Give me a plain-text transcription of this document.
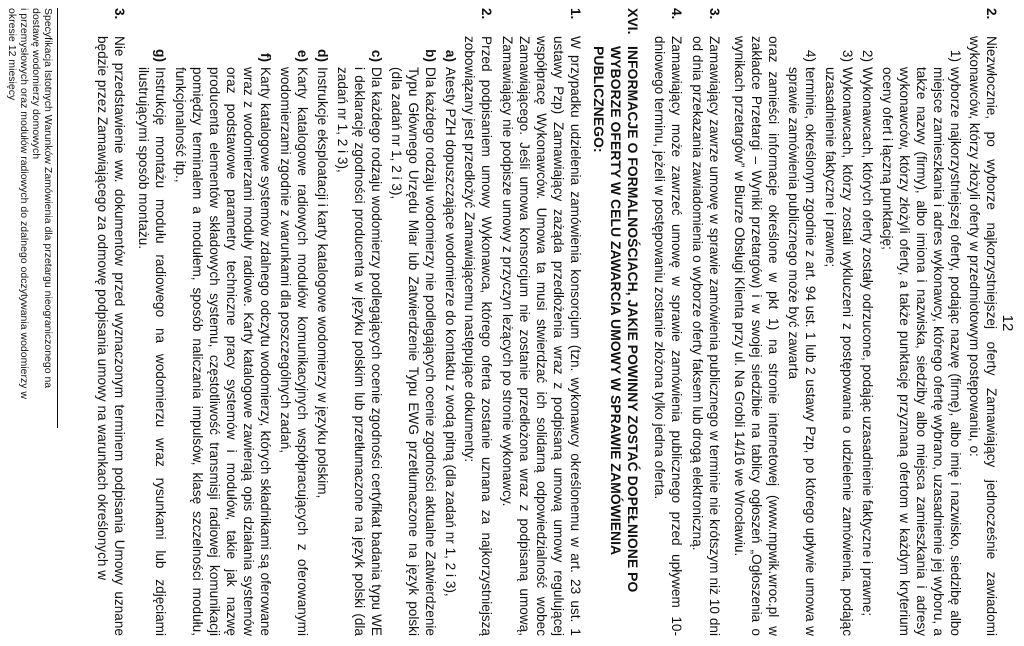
12
2.
Niezwłocznie, po wyborze najkorzystniejszej oferty Zamawiający jednocześnie zawiadomi wykonawców, którzy złożyli oferty w przedmiotowym postępowaniu, o:
1)
wyborze najkorzystniejszej oferty, podając nazwę (firmę), albo imię i nazwisko, siedzibę albo miejsce zamieszkania i adres wykonawcy, którego ofertę wybrano, uzasadnienie jej wyboru, a także nazwy (firmy), albo imiona i nazwiska, siedziby albo miejsca zamieszkania i adresy wykonawców, którzy złożyli oferty, a także punktację przyznaną ofertom w każdym kryterium oceny ofert i łączną punktację;
2)
Wykonawcach, których oferty zostały odrzucone, podając uzasadnienie faktyczne i prawne;
3)
Wykonawcach, którzy zostali wykluczeni z postępowania o udzielenie zamówienia, podając uzasadnienie faktyczne i prawne;
4)
terminie, określonym zgodnie z art. 94 ust. 1 lub 2 ustawy Pzp, po którego upływie umowa w sprawie zamówienia publicznego może być zawarta
oraz zamieści informacje określone w pkt 1) na stronie internetowej (www.mpwik.wroc.pl w zakładce Przetargi – Wyniki przetargów) i w swojej siedzibie na tablicy ogłoszeń „Ogłoszenia o wynikach przetargów” w Biurze Obsługi Klienta przy ul. Na Grobli 14/16 we Wrocławiu.
3.
Zamawiający zawrze umowę w sprawie zamówienia publicznego w terminie nie krótszym niż 10 dni od dnia przekazania zawiadomienia o wyborze oferty faksem lub drogą elektroniczną.
4.
Zamawiający może zawrzeć umowę w sprawie zamówienia publicznego przed upływem 10-dniowego terminu, jeżeli w postępowaniu zostanie złożona tylko jedna oferta.
XVI.
INFORMACJE O FORMALNOŚCIACH, JAKIE POWINNY ZOSTAĆ DOPEŁNIONE PO WYBORZE OFERTY W CELU ZAWARCIA UMOWY W SPRAWIE ZAMÓWIENIA PUBLICZNEGO:
1.
W przypadku udzielenia zamówienia konsorcjum (tzn. wykonawcy określonemu w art. 23 ust. 1 ustawy Pzp) Zamawiający zażąda przedłożenia wraz z podpisaną umową umowy regulującej współpracę Wykonawców. Umowa ta musi stwierdzać ich solidarną odpowiedzialność wobec Zamawiającego. Jeśli umowa konsorcjum nie zostanie przedłożona wraz z podpisaną umową, Zamawiający nie podpisze umowy z przyczyn leżących po stronie wykonawcy.
2.
Przed podpisaniem umowy Wykonawca, którego oferta zostanie uznana za najkorzystniejszą zobowiązany jest przedłożyć Zamawiającemu następujące dokumenty:
a)
Atesty PZH dopuszczające wodomierze do kontaktu z wodą pitną (dla zadań nr 1, 2 i 3),
b)
Dla każdego rodzaju wodomierzy nie podlegających ocenie zgodności aktualne Zatwierdzenie Typu Głównego Urzędu Miar lub Zatwierdzenie Typu EWG przetłumaczone na język polski (dla zadań nr 1, 2 i 3),
c)
Dla każdego rodzaju wodomierzy podlegających ocenie zgodności certyfikat badania typu WE i deklarację zgodności producenta w języku polskim lub przetłumaczone na język polski (dla zadań nr 1, 2 i 3),
d)
Instrukcje eksploatacji i karty katalogowe wodomierzy w języku polskim,
e)
Karty katalogowe radiowych modułów komunikacyjnych współpracujących z oferowanymi wodomierzami zgodnie z warunkami dla poszczególnych zadań,
f)
Karty katalogowe systemów zdalnego odczytu wodomierzy, których składnikami są oferowane wraz z wodomierzami moduły radiowe. Karty katalogowe zawierają opis działania systemów oraz podstawowe parametry techniczne pracy systemów i modułów, takie jak nazwę producenta elementów składowych systemu, częstotliwość transmisji radiowej komunikacji pomiędzy terminalem a modułem, sposób naliczania impulsów, klasę szczelności modułu, funkcjonalność itp.,
g)
Instrukcję montażu modułu radiowego na wodomierzu wraz rysunkami lub zdjęciami ilustrującymi sposób montażu.
3.
Nie przedstawienie ww. dokumentów przed wyznaczonym terminem podpisania Umowy uznane będzie przez Zamawiającego za odmowę podpisania umowy na warunkach określonych w
Specyfikacja Istotnych Warunków Zamówienia dla przetargu nieograniczonego na dostawę wodomierzy domowych
i przemysłowych oraz modułów radiowych do zdalnego odczytywania wodomierzy w okresie 12 miesięcy
